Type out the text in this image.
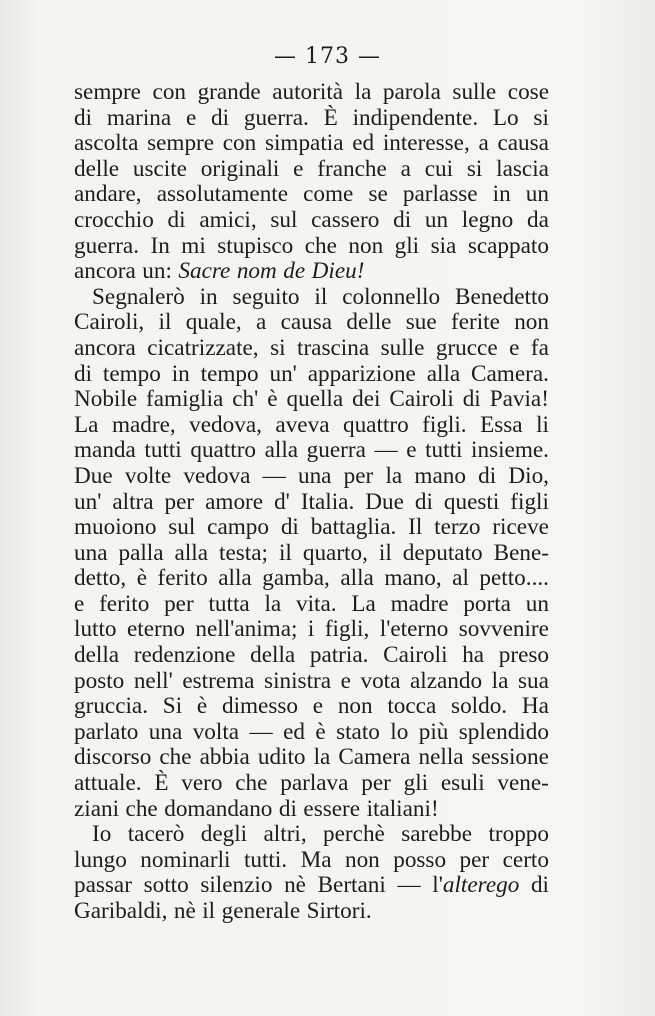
— 173 —
sempre con grande autorità la parola sulle cose
di marina e di guerra. È indipendente. Lo si
ascolta sempre con simpatia ed interesse, a causa
delle uscite originali e franche a cui si lascia
andare, assolutamente come se parlasse in un
crocchio di amici, sul cassero di un legno da
guerra. In mi stupisco che non gli sia scappato
ancora un: Sacre nom de Dieu!
Segnalerò in seguito il colonnello Benedetto
Cairoli, il quale, a causa delle sue ferite non
ancora cicatrizzate, si trascina sulle grucce e fa
di tempo in tempo un' apparizione alla Camera.
Nobile famiglia ch' è quella dei Cairoli di Pavia!
La madre, vedova, aveva quattro figli. Essa li
manda tutti quattro alla guerra — e tutti insieme.
Due volte vedova — una per la mano di Dio,
un' altra per amore d' Italia. Due di questi figli
muoiono sul campo di battaglia. Il terzo riceve
una palla alla testa; il quarto, il deputato Bene-
detto, è ferito alla gamba, alla mano, al petto....
e ferito per tutta la vita. La madre porta un
lutto eterno nell'anima; i figli, l'eterno sovvenire
della redenzione della patria. Cairoli ha preso
posto nell' estrema sinistra e vota alzando la sua
gruccia. Si è dimesso e non tocca soldo. Ha
parlato una volta — ed è stato lo più splendido
discorso che abbia udito la Camera nella sessione
attuale. È vero che parlava per gli esuli vene-
ziani che domandano di essere italiani!
Io tacerò degli altri, perchè sarebbe troppo
lungo nominarli tutti. Ma non posso per certo
passar sotto silenzio nè Bertani — l'alterego di
Garibaldi, nè il generale Sirtori.
